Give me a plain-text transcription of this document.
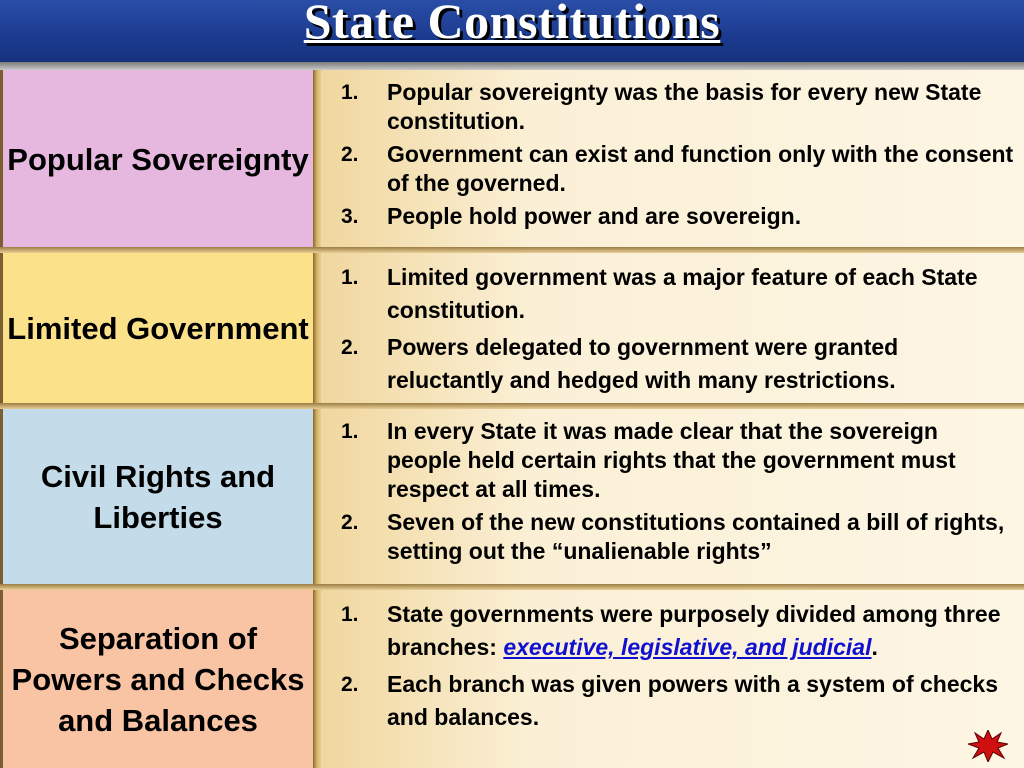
State Constitutions
Popular Sovereignty
1. Popular sovereignty was the basis for every new State constitution.
2. Government can exist and function only with the consent of the governed.
3. People hold power and are sovereign.
Limited Government
1. Limited government was a major feature of each State constitution.
2. Powers delegated to government were granted reluctantly and hedged with many restrictions.
Civil Rights and Liberties
1. In every State it was made clear that the sovereign people held certain rights that the government must respect at all times.
2. Seven of the new constitutions contained a bill of rights, setting out the “unalienable rights”
Separation of Powers and Checks and Balances
1. State governments were purposely divided among three branches: executive, legislative, and judicial.
2. Each branch was given powers with a system of checks and balances.
